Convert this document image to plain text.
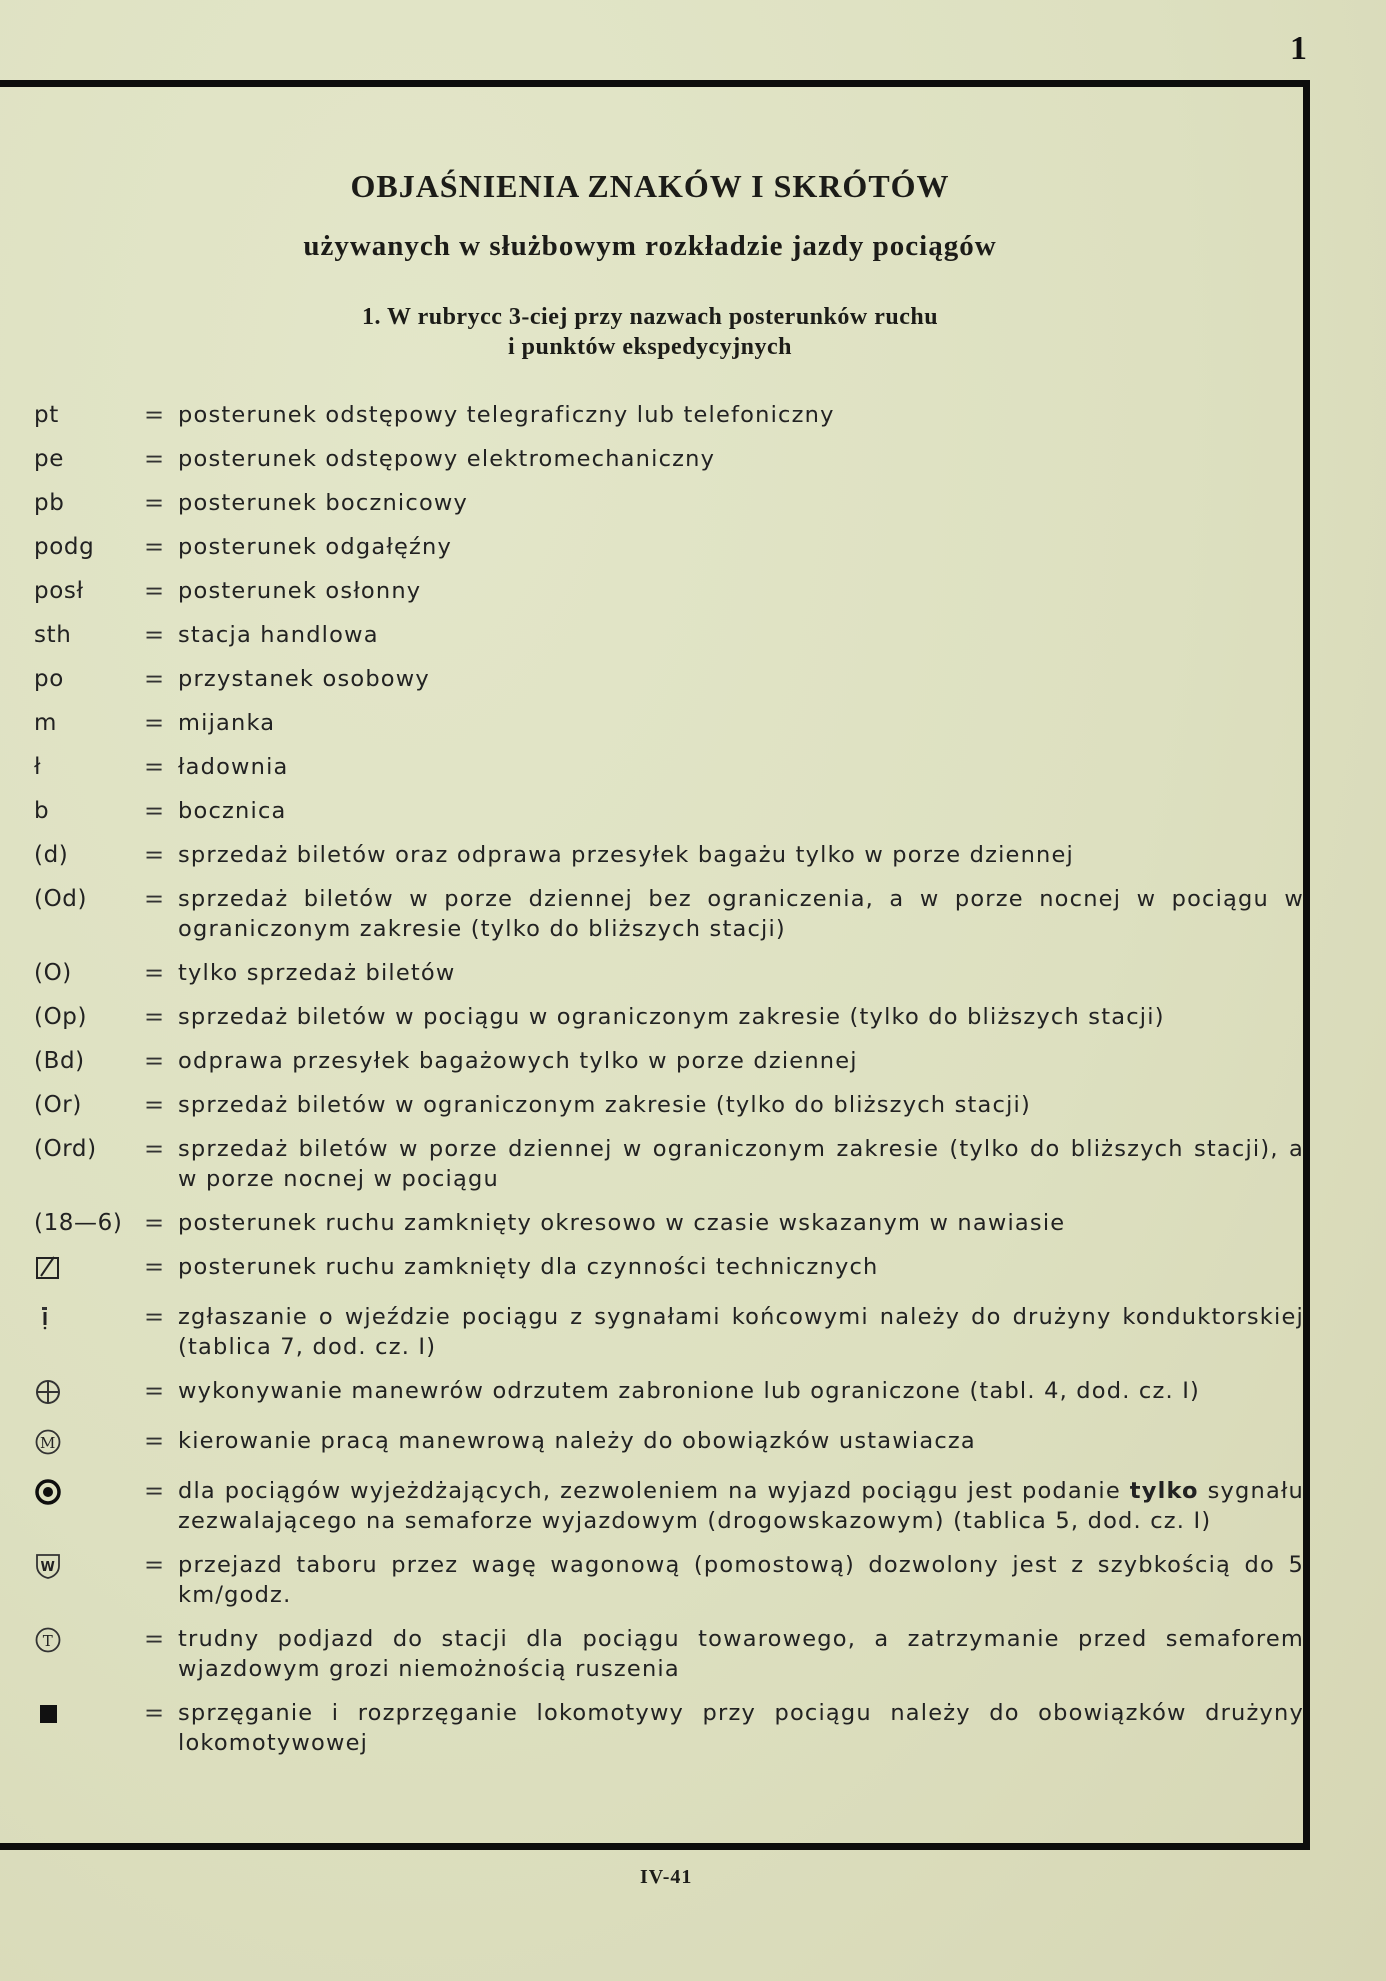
1
OBJAŚNIENIA ZNAKÓW I SKRÓTÓW
używanych w służbowym rozkładzie jazdy pociągów
1. W rubrycc 3-ciej przy nazwach posterunków ruchu
i punktów ekspedycyjnych
pt	= posterunek odstępowy telegraficzny lub telefoniczny
pe	= posterunek odstępowy elektromechaniczny
pb	= posterunek bocznicowy
podg	= posterunek odgałęźny
posł	= posterunek osłonny
sth	= stacja handlowa
po	= przystanek osobowy
m	= mijanka
ł	= ładownia
b	= bocznica
(d)	= sprzedaż biletów oraz odprawa przesyłek bagażu tylko w porze dziennej
(Od)	= sprzedaż biletów w porze dziennej bez ograniczenia, a w porze nocnej w pociągu w ograniczonym zakresie (tylko do bliższych stacji)
(O)	= tylko sprzedaż biletów
(Op)	= sprzedaż biletów w pociągu w ograniczonym zakresie (tylko do bliższych stacji)
(Bd)	= odprawa przesyłek bagażowych tylko w porze dziennej
(Or)	= sprzedaż biletów w ograniczonym zakresie (tylko do bliższych stacji)
(Ord)	= sprzedaż biletów w porze dziennej w ograniczonym zakresie (tylko do bliższych stacji), a w porze nocnej w pociągu
(18—6) = posterunek ruchu zamknięty okresowo w czasie wskazanym w nawiasie
= posterunek ruchu zamknięty dla czynności technicznych
= zgłaszanie o wjeździe pociągu z sygnałami końcowymi należy do drużyny konduktorskiej (tablica 7, dod. cz. I)
= wykonywanie manewrów odrzutem zabronione lub ograniczone (tabl. 4, dod. cz. I)
M	= kierowanie pracą manewrową należy do obowiązków ustawiacza
= dla pociągów wyjeżdżających, zezwoleniem na wyjazd pociągu jest podanie tylko sygnału zezwalającego na semaforze wyjazdowym (drogowskazowym) (tablica 5, dod. cz. I)
W	= przejazd taboru przez wagę wagonową (pomostową) dozwolony jest z szybkością do 5 km/godz.
T	= trudny podjazd do stacji dla pociągu towarowego, a zatrzymanie przed semaforem wjazdowym grozi niemożnością ruszenia
= sprzęganie i rozprzęganie lokomotywy przy pociągu należy do obowiązków drużyny lokomotywowej
IV-41
